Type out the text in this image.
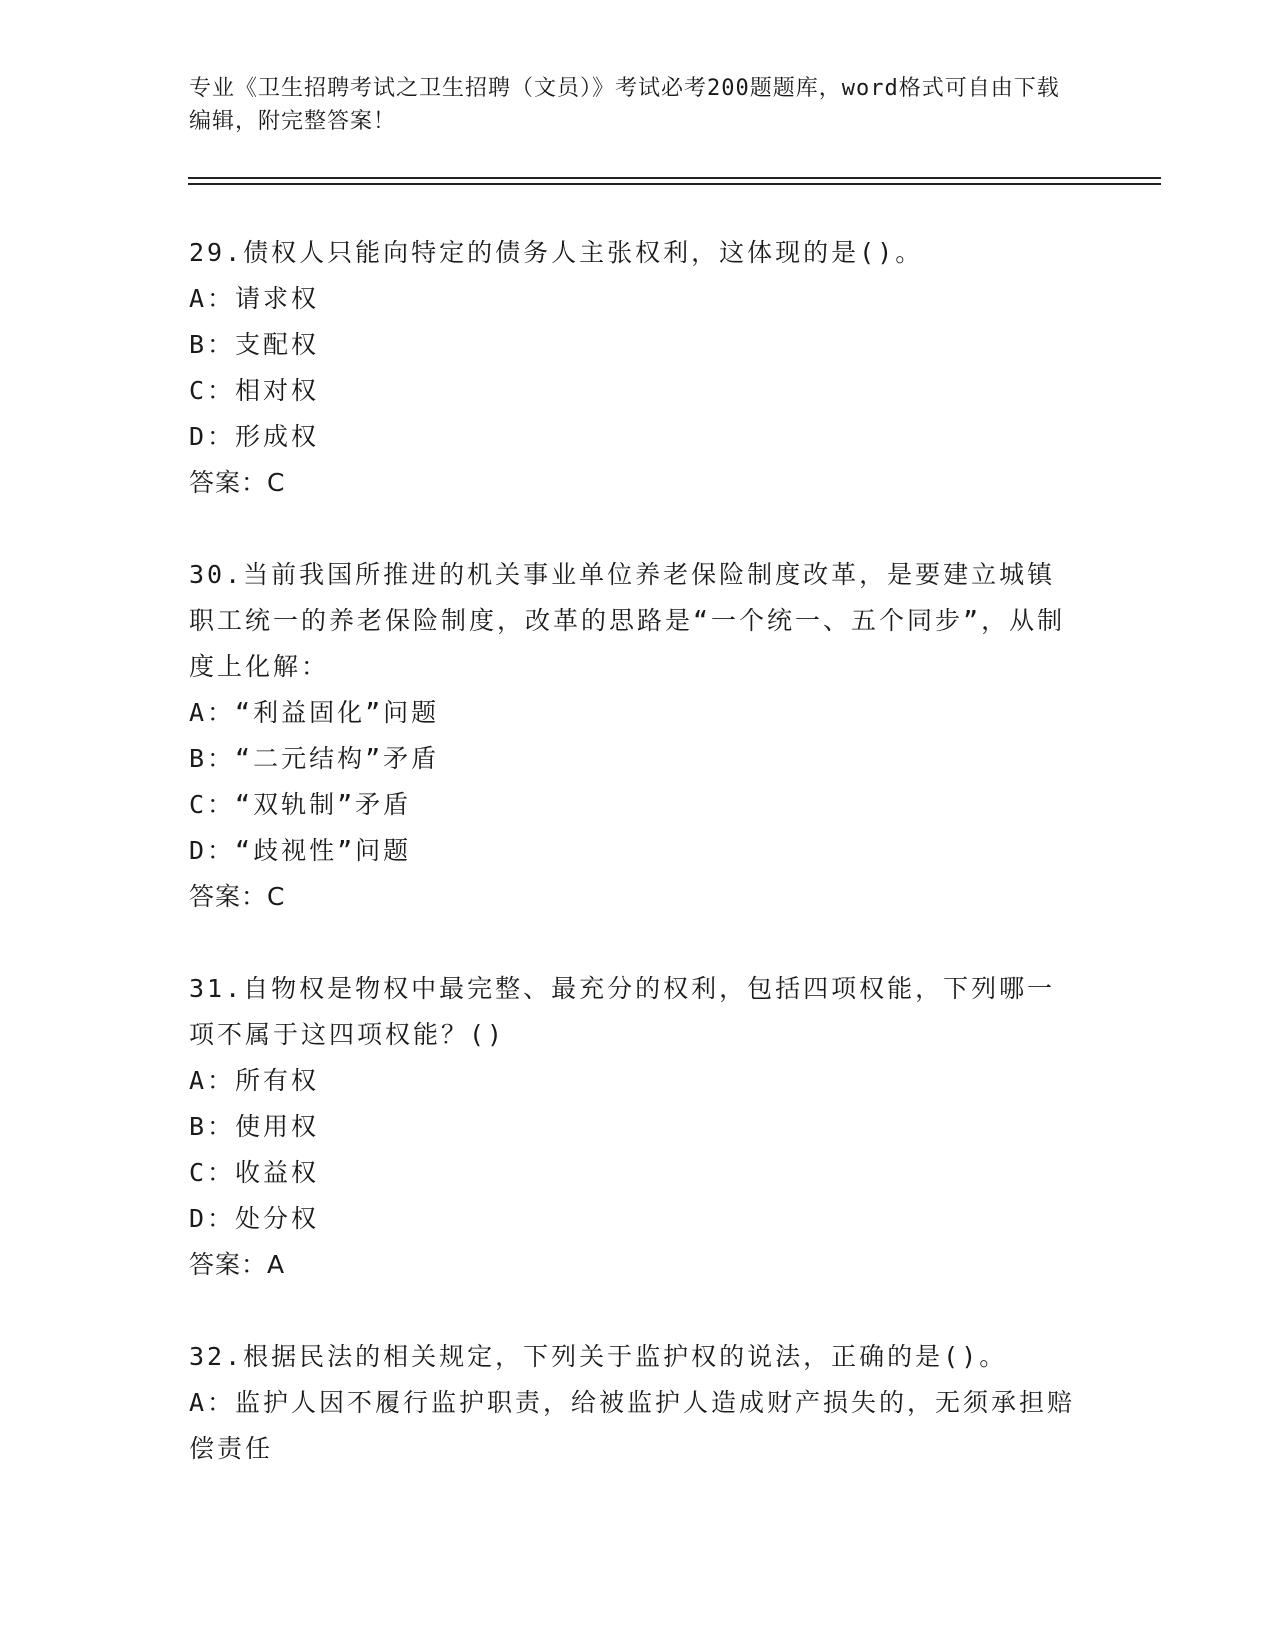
专业《卫生招聘考试之卫生招聘（文员）》考试必考200题题库，word格式可自由下载编辑，附完整答案！
29.债权人只能向特定的债务人主张权利，这体现的是()。
A：请求权
B：支配权
C：相对权
D：形成权
答案：C
30.当前我国所推进的机关事业单位养老保险制度改革，是要建立城镇职工统一的养老保险制度，改革的思路是“一个统一、五个同步”，从制度上化解：
A：“利益固化”问题
B：“二元结构”矛盾
C：“双轨制”矛盾
D：“歧视性”问题
答案：C
31.自物权是物权中最完整、最充分的权利，包括四项权能，下列哪一项不属于这四项权能？()
A：所有权
B：使用权
C：收益权
D：处分权
答案：A
32.根据民法的相关规定，下列关于监护权的说法，正确的是()。
A：监护人因不履行监护职责，给被监护人造成财产损失的，无须承担赔偿责任
